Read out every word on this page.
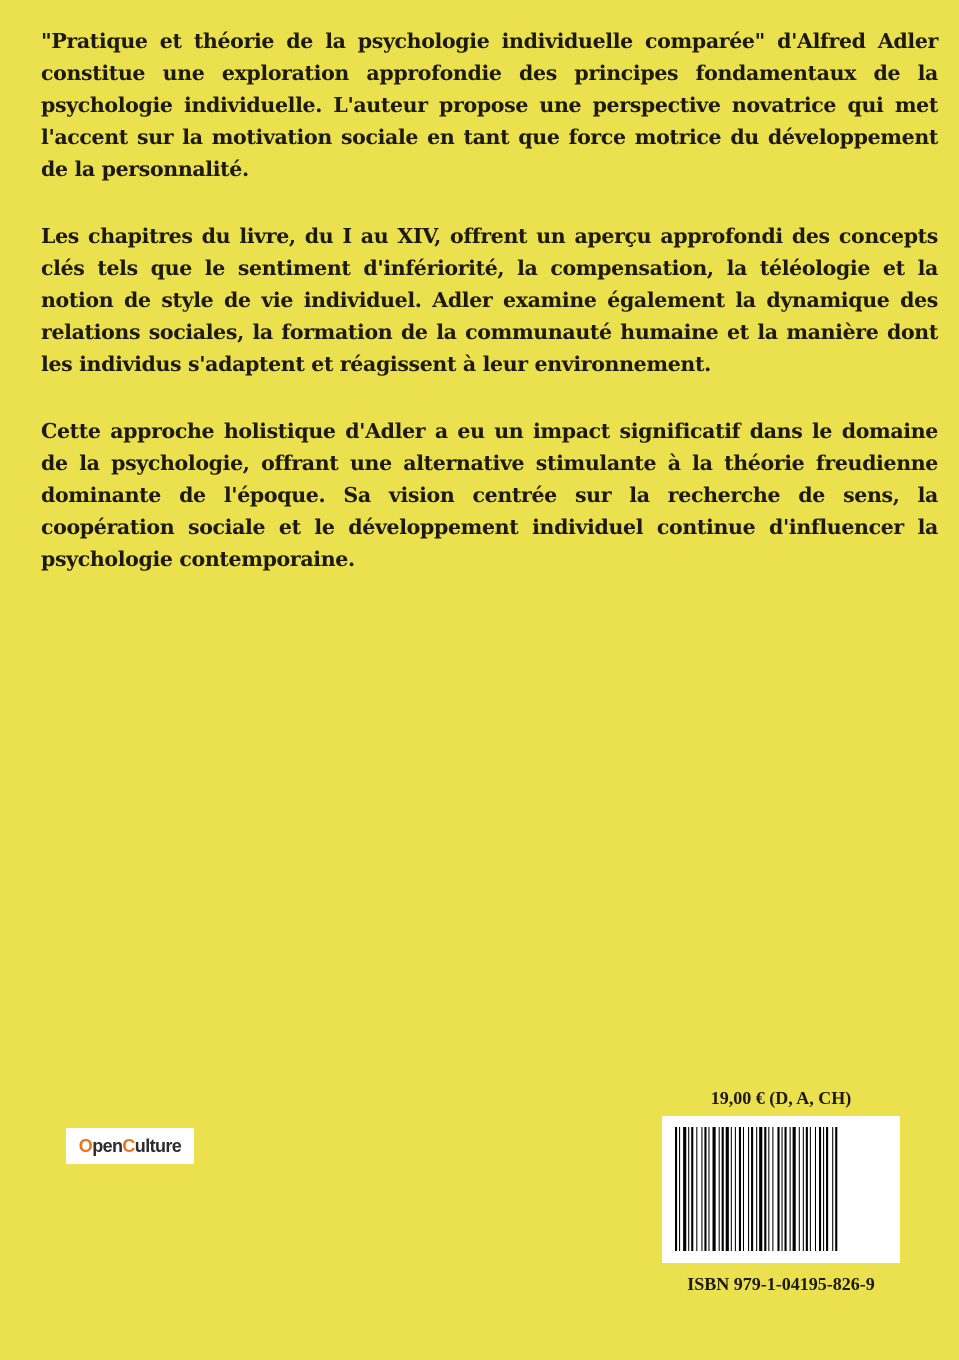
"Pratique et théorie de la psychologie individuelle comparée" d'Alfred Adler constitue une exploration approfondie des principes fondamentaux de la psychologie individuelle. L'auteur propose une perspective novatrice qui met l'accent sur la motivation sociale en tant que force motrice du développement de la personnalité.

Les chapitres du livre, du I au XIV, offrent un aperçu approfondi des concepts clés tels que le sentiment d'infériorité, la compensation, la téléologie et la notion de style de vie individuel. Adler examine également la dynamique des relations sociales, la formation de la communauté humaine et la manière dont les individus s'adaptent et réagissent à leur environnement.

Cette approche holistique d'Adler a eu un impact significatif dans le domaine de la psychologie, offrant une alternative stimulante à la théorie freudienne dominante de l'époque. Sa vision centrée sur la recherche de sens, la coopération sociale et le développement individuel continue d'influencer la psychologie contemporaine.

O pen C ulture
19,00 € (D, A, CH)
ISBN 979-1-04195-826-9
